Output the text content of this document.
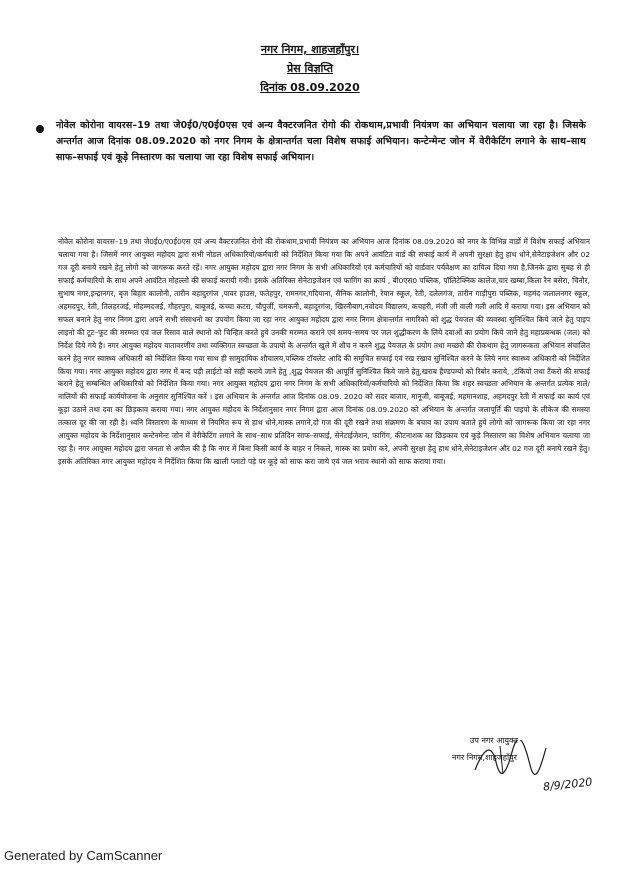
नगर निगम, शाहजहाँपुर।
प्रेस विज्ञप्ति
दिनांक 08.09.2020
नोवेल कोरोना वायरस–19 तथा जे0ई0/ए0ई0एस एवं अन्य वैक्टरजनित रोगो की रोकथाम,प्रभावी नियंत्रण का अभियान चलाया जा रहा है। जिसके अन्तर्गत आज दिनांक 08.09.2020 को नगर निगम के क्षेत्रान्तर्गत चला विशेष सफाई अभियान। कन्टेन्मेन्ट जोन में वेरीकेटिंग लगाने के साथ–साथ साफ–सफाई एवं कूड़े निस्तारण का चलाया जा रहा विशेष सफाई अभियान।
नोवेल कोरोना वायरस–19 तथा जे0ई0/ए0ई0एस एवं अन्य वैक्टरजनित रोगो की रोकथाम,प्रभावी नियंत्रण का अभियान आज दिनांक 08.09.2020 को नगर के विभिन्न वार्डो में विशेष सफाई अभियान चलाया गया है। जिसमें नगर आयुक्त महोदय द्वारा सभी नोडल अधिकारियों/कर्मचारी को निर्देशित किया गया कि अपने आवंटित वार्ड की सफाई कार्य में अपनी सुरक्षा हेतु हाथ धोने,सेनेटाइजेशन और 02 गज दूरी बनाये रखने हेतु लोगो को जागरूक करते रहें। नगर आयुक्त महोदय द्वारा नगर निगम के सभी अधिकारियों एवं कर्मचारियों को वार्डवार पर्यवेक्षण का दायित्व दिया गया है,जिनके द्वारा सुबह से ही सफाई कर्मचारियो के साथ अपने आवंटित मोहल्लो की सफाई करायी गयी। इसके अतिरिक्त सेनेटाइजेशन एवं फागिंग का कार्य , बी0एस0 पब्लिक, पॉलिटेक्निक कालेज,चार खम्बा,किला रैन बसेरा, चिनौर, सुभाष नगर,इन्द्रानगर, बृज बिहार कालोनी, तारीन बहादुरगंज ,पावर हाउस, फतेहपुर, रामनगर,गदियाना, सैनिक कालोनी, रेयान स्कूल, रेती, दलेलगंज, तारीन गाड़ीपुरा पब्लिक, महमंद जलालनगर स्कूल, अहमदपुर, रेती, तिलहरजई, मोहम्मदजई, गौहरपुरा, बाबूजई, कच्चा कटरा, चौपुर्जी, चमकनी, बहादुरगंज, खिरनीबाग,नवोदय विद्यालय, कचहरी, मंजी जी वाली गली आदि में कराया गया। इस अभियान को सफल बनाने हेतु नगर निगम द्वारा अपने सभी संसाधनो का उपयोग किया जा रहा नगर आयुक्त महोदय द्वारा नगर निगम क्षेत्रान्तर्गत नागरिको को शुद्ध पेयजल की व्यवस्था सुनिश्चित किये जाने हेतु पाइप लाइनो की टूट–फूट की मरम्मत एवं जल रिसाव वाले स्थानो को चिन्हित करते हुये उनकी मरम्मत कराने एवं समय–समय पर जल शुद्धीकरण के लिये दवाओं का प्रयोग किये जाने हेतु महाप्रबन्धक (जल) को निर्देश दिये गये है। नगर आयुक्त महोदय वातावरणीय तथा व्यक्तिगत स्वच्छता के उपायो के अन्तर्गत खुले में शौच न करने शुद्ध पेयजल के प्रयोग तथा मच्छरो की रोकथाम हेतु जागरूकता अभियान संचालित करने हेतु नगर स्वास्थ्य अधिकारी को निर्देशित किया गया साथ ही सामुदायिक शौचालय,पब्लिक टॉयलेट आदि की समुचित सफाई एवं रख रखाव सुनिश्चित करने के लिये नगर स्वास्थ्य अधिकारी को निर्देशित किया गया। नगर आयुक्त महोदय द्वारा नगर में बन्द पड़ी लाईटो को सही कराये जाने हेतु ,शुद्ध पेयजल की आपूर्ति सुनिश्चित किये जाने हेतु,खराब हैण्डपम्पो को रिबोर कराये, ,टंकियो तथा टैंकरो की सफाई कराने हेतु सम्बन्धित अधिकारियो को निर्देशित किया गया। नगर आयुक्त महोदय द्वारा नगर निगम के सभी अधिकारियों/कर्मचारियो को निर्देशित किया कि शहर स्वच्छता अभियान के अन्तर्गत प्रत्येक नाले/नालियों की सफाई कार्ययोजना के अनुसार सुनिश्चित करें । इस अभियान के अन्तर्गत आज दिनांक 08.09. 2020 को सदर बाजार, मानूजी, बाबूजई, महमानशाह, अहमदपुर रेती में सफाई का कार्य एवं कूड़ा उठाने तथा दवा का छिड़काव कराया गया। नगर आयुक्त महोदय के निर्देशानुसार नगर निगम द्वारा आज दिनांक 08.09.2020 को अभियान के अन्तर्गत जलापूर्ति की पाइपो के लीकेज की समस्या तत्काल दूर की जा रही है। ध्वनि विस्तारण के माध्यम से नियमित रूप से हाथ धोने,मास्क लगाने,दो गज की दूरी रखने तथा संक्रमण के बचाव का उपाय बताते हुये लोगो को जागरूक किया जा रहा नगर आयुक्त महोदय के निर्देशानुसार कन्टेनमेन्ट जोन में वेरीकेटिंग लगाने के साथ–साथ प्रतिदिन साफ–सफाई, सेनेटाईजेशन, फागिंग, कीटनाशक का छिड़काव एवं कूड़े निस्तारण का विशेष अभियान चलाया जा रहा है। नगर आयुक्त महोदय द्वारा जनता से अपील की है कि नगर में बिना किसी कार्य के बाहर न निकले, मास्क का प्रयोग करे, अपनी सुरक्षा हेतु हाथ धोने,सेनेटाइजेशन और 02 गज दूरी बनाये रखने हेतु। इसके अतिरिक्त नगर आयुक्त महोदय ने निर्देशित किया कि खाली प्लाटो पड़े पर कूड़े को साफ करा जाये एवं जल भराव स्थानो को साफ कराया गया।
उप नगर आयुक्त
नगर निगम,शाहजहाँपुर
8/9/2020
Generated by CamScanner
